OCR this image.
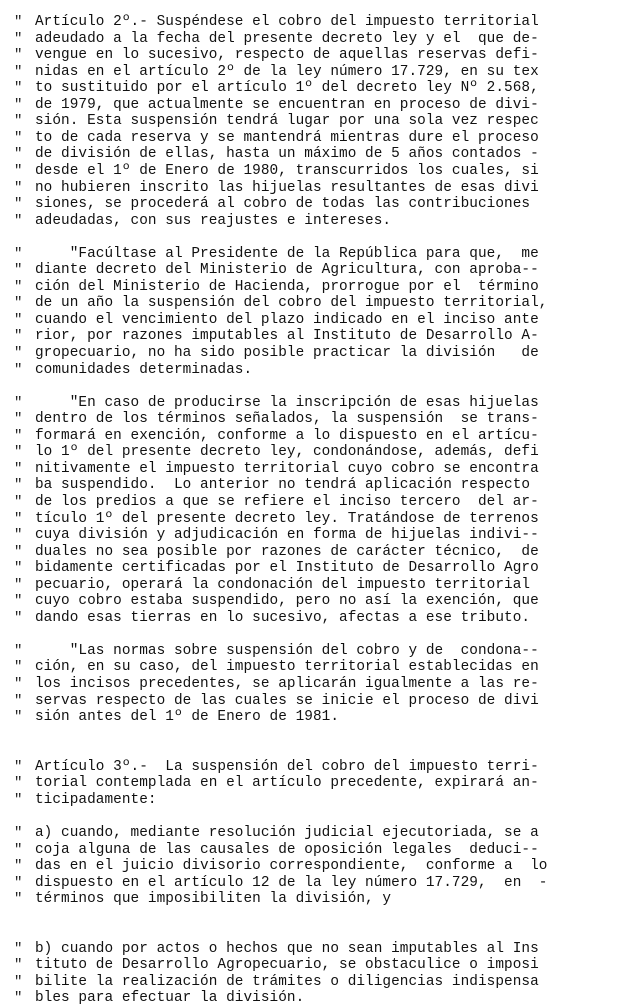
" Artículo 2º.- Suspéndese el cobro del impuesto territorial
" adeudado a la fecha del presente decreto ley y el  que de-
" vengue en lo sucesivo, respecto de aquellas reservas defi-
" nidas en el artículo 2º de la ley número 17.729, en su tex
" to sustituido por el artículo 1º del decreto ley Nº 2.568,
" de 1979, que actualmente se encuentran en proceso de divi-
" sión. Esta suspensión tendrá lugar por una sola vez respec
" to de cada reserva y se mantendrá mientras dure el proceso
" de división de ellas, hasta un máximo de 5 años contados -
" desde el 1º de Enero de 1980, transcurridos los cuales, si
" no hubieren inscrito las hijuelas resultantes de esas divi
" siones, se procederá al cobro de todas las contribuciones
" adeudadas, con sus reajustes e intereses.
" "Facúltase al Presidente de la República para que,  me
" diante decreto del Ministerio de Agricultura, con aproba--
" ción del Ministerio de Hacienda, prorrogue por el  término
" de un año la suspensión del cobro del impuesto territorial,
" cuando el vencimiento del plazo indicado en el inciso ante
" rior, por razones imputables al Instituto de Desarrollo A-
" gropecuario, no ha sido posible practicar la división   de
" comunidades determinadas.
" "En caso de producirse la inscripción de esas hijuelas
" dentro de los términos señalados, la suspensión  se trans-
" formará en exención, conforme a lo dispuesto en el artícu-
" lo 1º del presente decreto ley, condonándose, además, defi
" nitivamente el impuesto territorial cuyo cobro se encontra
" ba suspendido.  Lo anterior no tendrá aplicación respecto
" de los predios a que se refiere el inciso tercero  del ar-
" tículo 1º del presente decreto ley. Tratándose de terrenos
" cuya división y adjudicación en forma de hijuelas indivi--
" duales no sea posible por razones de carácter técnico,  de
" bidamente certificadas por el Instituto de Desarrollo Agro
" pecuario, operará la condonación del impuesto territorial
" cuyo cobro estaba suspendido, pero no así la exención, que
" dando esas tierras en lo sucesivo, afectas a ese tributo.
" "Las normas sobre suspensión del cobro y de  condona--
" ción, en su caso, del impuesto territorial establecidas en
" los incisos precedentes, se aplicarán igualmente a las re-
" servas respecto de las cuales se inicie el proceso de divi
" sión antes del 1º de Enero de 1981.
" Artículo 3º.-  La suspensión del cobro del impuesto terri-
" torial contemplada en el artículo precedente, expirará an-
" ticipadamente:
" a) cuando, mediante resolución judicial ejecutoriada, se a
" coja alguna de las causales de oposición legales  deduci--
" das en el juicio divisorio correspondiente,  conforme a  lo
" dispuesto en el artículo 12 de la ley número 17.729,  en  -
" términos que imposibiliten la división, y
" b) cuando por actos o hechos que no sean imputables al Ins
" tituto de Desarrollo Agropecuario, se obstaculice o imposi
" bilite la realización de trámites o diligencias indispensa
" bles para efectuar la división.
